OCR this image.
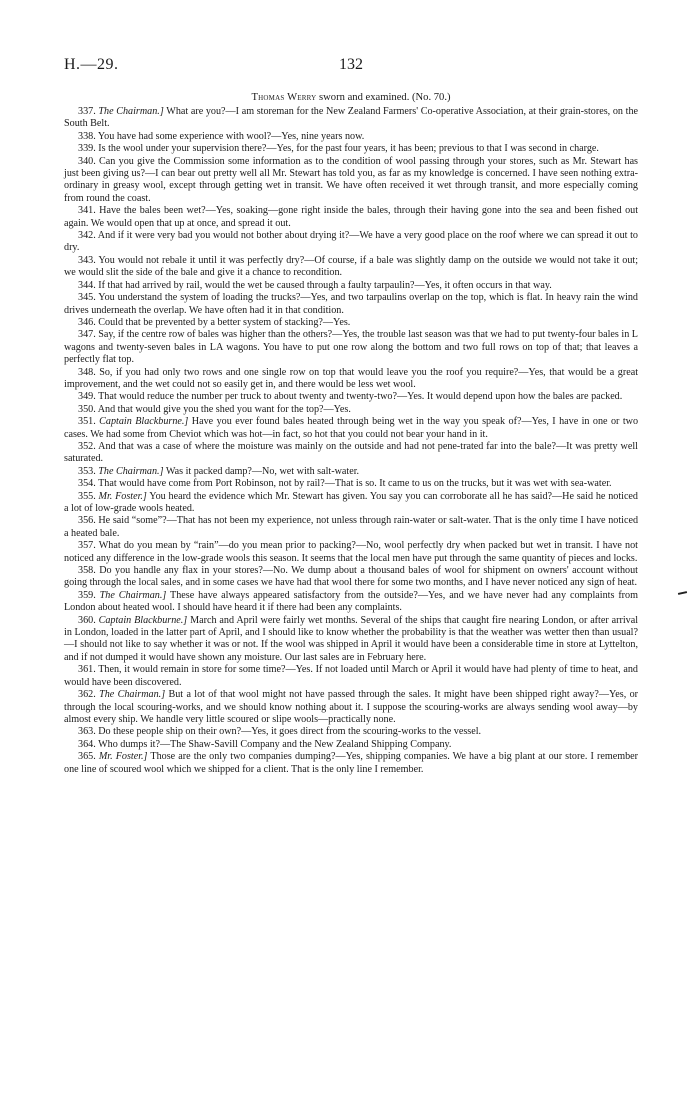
H.—29.	132
Thomas Werry sworn and examined. (No. 70.)

337. The Chairman.] What are you?—I am storeman for the New Zealand Farmers' Co-operative Association, at their grain-stores, on the South Belt.

338. You have had some experience with wool?—Yes, nine years now.

339. Is the wool under your supervision there?—Yes, for the past four years, it has been; previous to that I was second in charge.

340. Can you give the Commission some information as to the condition of wool passing through your stores, such as Mr. Stewart has just been giving us?—I can bear out pretty well all Mr. Stewart has told you, as far as my knowledge is concerned. I have seen nothing extra-ordinary in greasy wool, except through getting wet in transit. We have often received it wet through transit, and more especially coming from round the coast.

341. Have the bales been wet?—Yes, soaking—gone right inside the bales, through their having gone into the sea and been fished out again. We would open that up at once, and spread it out.

342. And if it were very bad you would not bother about drying it?—We have a very good place on the roof where we can spread it out to dry.

343. You would not rebale it until it was perfectly dry?—Of course, if a bale was slightly damp on the outside we would not take it out; we would slit the side of the bale and give it a chance to recondition.

344. If that had arrived by rail, would the wet be caused through a faulty tarpaulin?—Yes, it often occurs in that way.

345. You understand the system of loading the trucks?—Yes, and two tarpaulins overlap on the top, which is flat. In heavy rain the wind drives underneath the overlap. We have often had it in that condition.

346. Could that be prevented by a better system of stacking?—Yes.

347. Say, if the centre row of bales was higher than the others?—Yes, the trouble last season was that we had to put twenty-four bales in L wagons and twenty-seven bales in LA wagons. You have to put one row along the bottom and two full rows on top of that; that leaves a perfectly flat top.

348. So, if you had only two rows and one single row on top that would leave you the roof you require?—Yes, that would be a great improvement, and the wet could not so easily get in, and there would be less wet wool.

349. That would reduce the number per truck to about twenty and twenty-two?—Yes. It would depend upon how the bales are packed.

350. And that would give you the shed you want for the top?—Yes.

351. Captain Blackburne.] Have you ever found bales heated through being wet in the way you speak of?—Yes, I have in one or two cases. We had some from Cheviot which was hot—in fact, so hot that you could not bear your hand in it.

352. And that was a case of where the moisture was mainly on the outside and had not pene-trated far into the bale?—It was pretty well saturated.

353. The Chairman.] Was it packed damp?—No, wet with salt-water.

354. That would have come from Port Robinson, not by rail?—That is so. It came to us on the trucks, but it was wet with sea-water.

355. Mr. Foster.] You heard the evidence which Mr. Stewart has given. You say you can corroborate all he has said?—He said he noticed a lot of low-grade wools heated.

356. He said “some”?—That has not been my experience, not unless through rain-water or salt-water. That is the only time I have noticed a heated bale.

357. What do you mean by “rain”—do you mean prior to packing?—No, wool perfectly dry when packed but wet in transit. I have not noticed any difference in the low-grade wools this season. It seems that the local men have put through the same quantity of pieces and locks.

358. Do you handle any flax in your stores?—No. We dump about a thousand bales of wool for shipment on owners' account without going through the local sales, and in some cases we have had that wool there for some two months, and I have never noticed any sign of heat.

359. The Chairman.] These have always appeared satisfactory from the outside?—Yes, and we have never had any complaints from London about heated wool. I should have heard it if there had been any complaints.

360. Captain Blackburne.] March and April were fairly wet months. Several of the ships that caught fire nearing London, or after arrival in London, loaded in the latter part of April, and I should like to know whether the probability is that the weather was wetter then than usual?—I should not like to say whether it was or not. If the wool was shipped in April it would have been a considerable time in store at Lyttelton, and if not dumped it would have shown any moisture. Our last sales are in February here.

361. Then, it would remain in store for some time?—Yes. If not loaded until March or April it would have had plenty of time to heat, and would have been discovered.

362. The Chairman.] But a lot of that wool might not have passed through the sales. It might have been shipped right away?—Yes, or through the local scouring-works, and we should know nothing about it. I suppose the scouring-works are always sending wool away—by almost every ship. We handle very little scoured or slipe wools—practically none.

363. Do these people ship on their own?—Yes, it goes direct from the scouring-works to the vessel.

364. Who dumps it?—The Shaw-Savill Company and the New Zealand Shipping Company.

365. Mr. Foster.] Those are the only two companies dumping?—Yes, shipping companies. We have a big plant at our store. I remember one line of scoured wool which we shipped for a client. That is the only line I remember.
